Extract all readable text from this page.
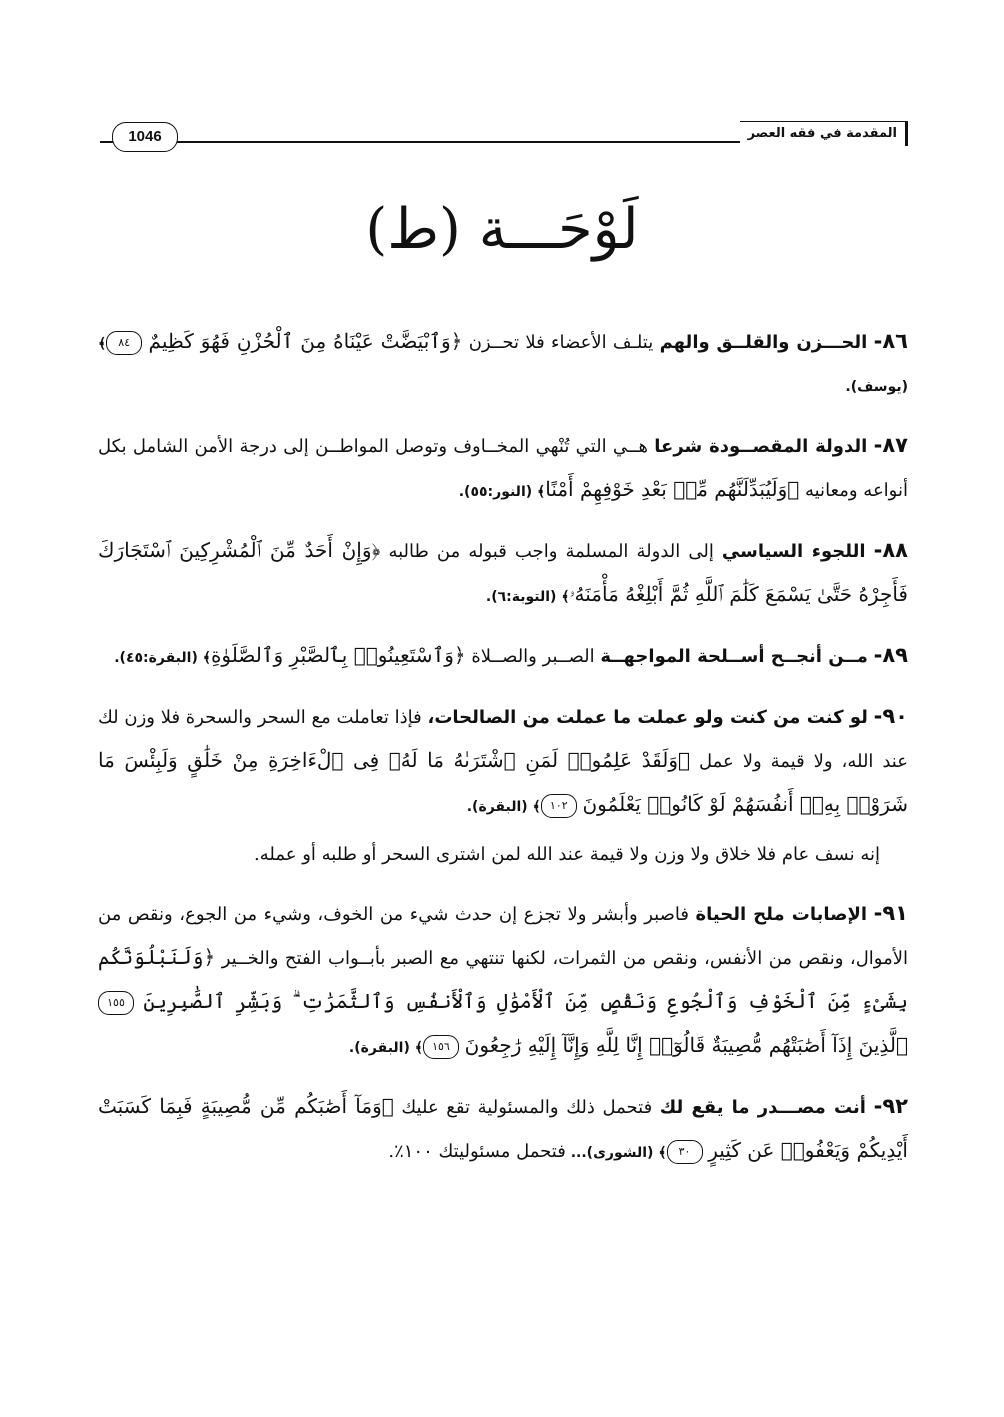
المقدمة في فقه العصر
1046
لَوْحَـــة (ط)

٨٦- الحـــزن والقلــق والهم يتلـف الأعضاء فلا تحــزن ﴿وَٱبْيَضَّتْ عَيْنَاهُ مِنَ ٱلْحُزْنِ فَهُوَ كَظِيمٌ ٨٤﴾ (يوسف).

٨٧- الدولة المقصــودة شرعا هــي التي تُنْهي المخــاوف وتوصل المواطــن إلى درجة الأمن الشامل بكل أنواعه ومعانيه ﴿وَلَيُبَدِّلَنَّهُم مِّنۢ بَعْدِ خَوْفِهِمْ أَمْنًا﴾ (النور:٥٥).

٨٨- اللجوء السياسي إلى الدولة المسلمة واجب قبوله من طالبه ﴿وَإِنْ أَحَدٌ مِّنَ ٱلْمُشْرِكِينَ ٱسْتَجَارَكَ فَأَجِرْهُ حَتَّىٰ يَسْمَعَ كَلَٰمَ ٱللَّهِ ثُمَّ أَبْلِغْهُ مَأْمَنَهُۥ﴾ (التوبة:٦).

٨٩- مــن أنجــح أســلحة المواجهــة الصــبر والصــلاة ﴿وَٱسْتَعِينُوا۟ بِٱلصَّبْرِ وَٱلصَّلَوٰةِ﴾ (البقرة:٤٥).

٩٠- لو كنت من كنت ولو عملت ما عملت من الصالحات، فإذا تعاملت مع السحر والسحرة فلا وزن لك عند الله، ولا قيمة ولا عمل ﴿وَلَقَدْ عَلِمُوا۟ لَمَنِ ٱشْتَرَىٰهُ مَا لَهُۥ فِى ٱلْءَاخِرَةِ مِنْ خَلَٰقٍ وَلَبِئْسَ مَا شَرَوْا۟ بِهِۦٓ أَنفُسَهُمْ لَوْ كَانُوا۟ يَعْلَمُونَ ١٠٢﴾ (البقرة).

إنه نسف عام فلا خلاق ولا وزن ولا قيمة عند الله لمن اشترى السحر أو طلبه أو عمله.

٩١- الإصابات ملح الحياة فاصبر وأبشر ولا تجزع إن حدث شيء من الخوف، وشيء من الجوع، ونقص من الأموال، ونقص من الأنفس، ونقص من الثمرات، لكنها تنتهي مع الصبر بأبــواب الفتح والخــير ﴿وَلَنَبْلُوَنَّكُم بِشَىْءٍ مِّنَ ٱلْخَوْفِ وَٱلْجُوعِ وَنَقْصٍ مِّنَ ٱلْأَمْوَٰلِ وَٱلْأَنفُسِ وَٱلثَّمَرَٰتِ ۗ وَبَشِّرِ ٱلصَّٰبِرِينَ ١٥٥ ٱلَّذِينَ إِذَآ أَصَٰبَتْهُم مُّصِيبَةٌ قَالُوٓا۟ إِنَّا لِلَّهِ وَإِنَّآ إِلَيْهِ رَٰجِعُونَ ١٥٦﴾ (البقرة).

٩٢- أنت مصـــدر ما يقع لك فتحمل ذلك والمسئولية تقع عليك ﴿وَمَآ أَصَٰبَكُم مِّن مُّصِيبَةٍ فَبِمَا كَسَبَتْ أَيْدِيكُمْ وَيَعْفُوا۟ عَن كَثِيرٍ ٣٠﴾ (الشورى)... فتحمل مسئوليتك ١٠٠٪.
